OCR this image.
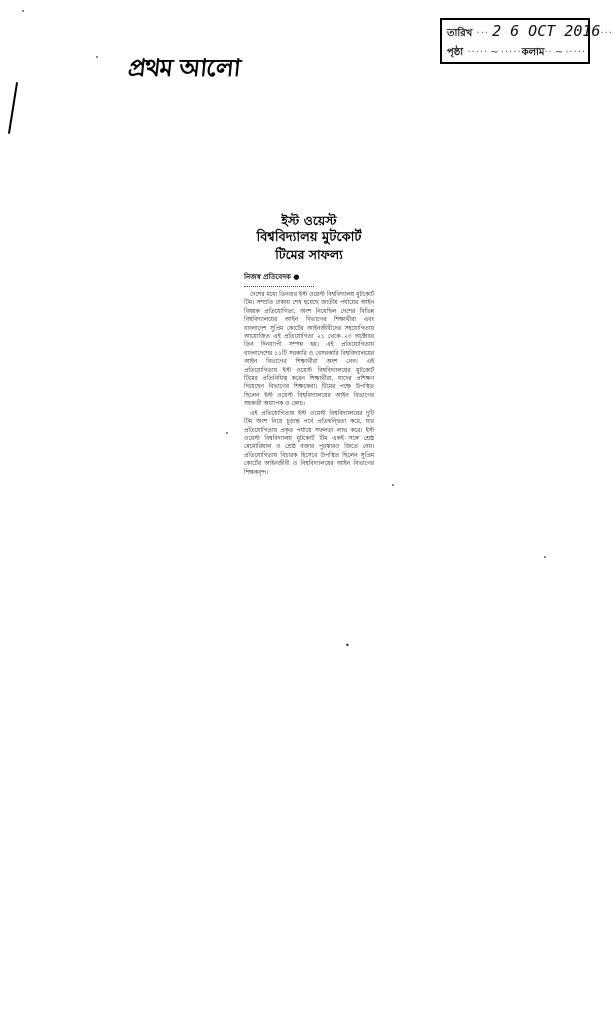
প্রথম আলো
তারিখ ··· 2 6 OCT 2016 ···
পৃষ্ঠা ····· ~ ····· কলাম ·· ~ ·····
ইস্ট ওয়েস্ট
বিশ্ববিদ্যালয় মুটকোর্ট
টিমের সাফল্য
নিজস্ব প্রতিবেদক ●

দেশের মধ্যে তিনবার ইস্ট ওয়েস্ট বিশ্ববিদ্যালয় মুটকোর্ট টিম। সম্প্রতি ঢাকায় শেষ হয়েছে জাতীয় পর্যায়ের আইন বিষয়ক প্রতিযোগিতা, অংশ নিয়েছিল দেশের বিভিন্ন বিশ্ববিদ্যালয়ের আইন বিভাগের শিক্ষার্থীরা এবং বাংলাদেশ সুপ্রিম কোর্টের আইনজীবীদের সহযোগিতায় আয়োজিত এই প্রতিযোগিতা ২১ থেকে ২৩ অক্টোবর তিন দিনব্যাপী সম্পন্ন হয়। এই প্রতিযোগিতায় বাংলাদেশের ১১টি সরকারি ও বেসরকারি বিশ্ববিদ্যালয়ের আইন বিভাগের শিক্ষার্থীরা অংশ নেন। এই প্রতিযোগিতায় ইস্ট ওয়েস্ট বিশ্ববিদ্যালয়ের মুটকোর্ট টিমের প্রতিনিধিত্ব করেন শিক্ষার্থীরা, যাদের প্রশিক্ষণ দিয়েছেন বিভাগের শিক্ষকেরা। টিমের পক্ষে উপস্থিত ছিলেন ইস্ট ওয়েস্ট বিশ্ববিদ্যালয়ের আইন বিভাগের সহকারী অধ্যাপক ও কোচ।

এই প্রতিযোগিতায় ইস্ট ওয়েস্ট বিশ্ববিদ্যালয়ের দুটি টিম অংশ নিয়ে চূড়ান্ত পর্বে প্রতিদ্বন্দ্বিতা করে, যার প্রতিযোগিতায় প্রকৃত পর্যায়ে সফলতা লাভ করে। ইস্ট ওয়েস্ট বিশ্ববিদ্যালয় মুটকোর্ট টিম একই সঙ্গে শ্রেষ্ঠ মেমোরিয়াল ও শ্রেষ্ঠ বক্তার পুরস্কারও জিতে নেয়। প্রতিযোগিতায় বিচারক হিসেবে উপস্থিত ছিলেন সুপ্রিম কোর্টের আইনজীবী ও বিশ্ববিদ্যালয়ের আইন বিভাগের শিক্ষকবৃন্দ।

•
